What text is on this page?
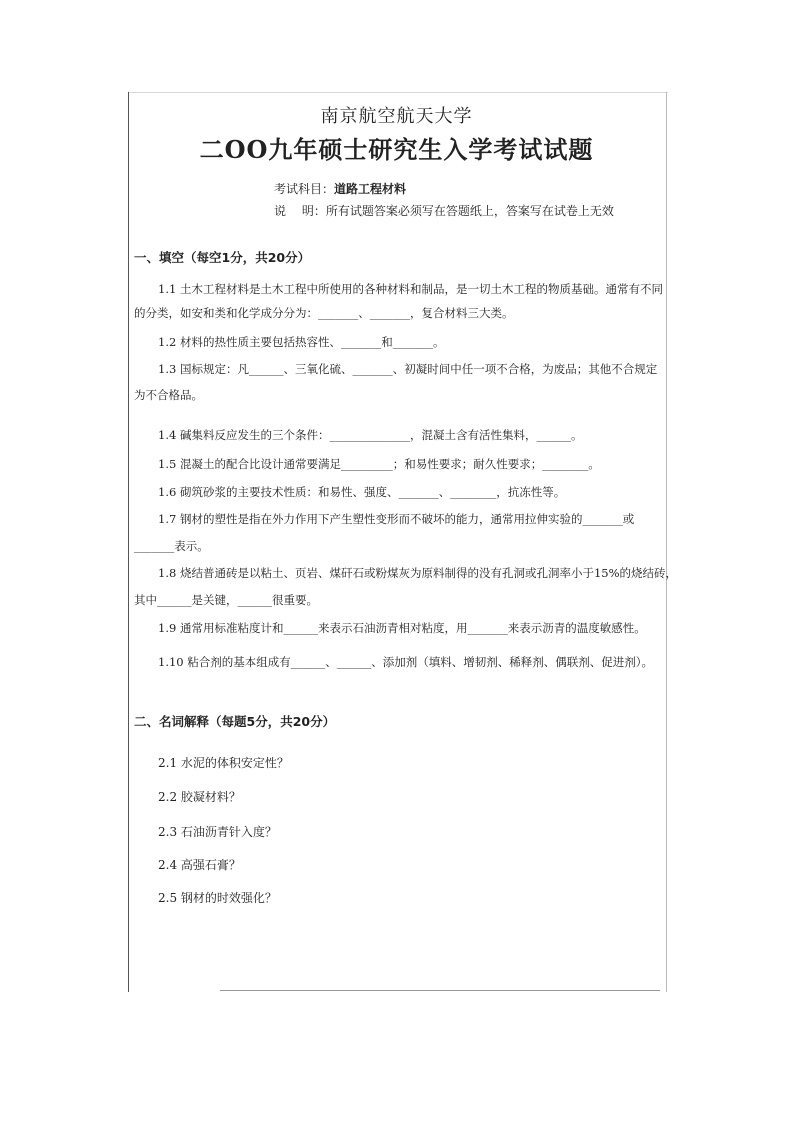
南京航空航天大学
二OO九年硕士研究生入学考试试题
考试科目：道路工程材料
说　 明：所有试题答案必须写在答题纸上，答案写在试卷上无效
一、填空（每空1分，共20分）
1.1 土木工程材料是土木工程中所使用的各种材料和制品，是一切土木工程的物质基础。通常有不同
的分类，如安和类和化学成分分为：_______、_______，复合材料三大类。
1.2 材料的热性质主要包括热容性、_______和_______。
1.3 国标规定：凡______、三氧化硫、_______、初凝时间中任一项不合格，为废品；其他不合规定
为不合格品。
1.4 碱集料反应发生的三个条件：______________，混凝土含有活性集料，______。
1.5 混凝土的配合比设计通常要满足_________；和易性要求；耐久性要求；________。
1.6 砌筑砂浆的主要技术性质：和易性、强度、_______、________，抗冻性等。
1.7 钢材的塑性是指在外力作用下产生塑性变形而不破坏的能力，通常用拉伸实验的_______或
_______表示。
1.8 烧结普通砖是以粘土、页岩、煤矸石或粉煤灰为原料制得的没有孔洞或孔洞率小于15%的烧结砖，
其中______是关键，______很重要。
1.9 通常用标准粘度计和______来表示石油沥青相对粘度，用_______来表示沥青的温度敏感性。
1.10 粘合剂的基本组成有______、______、添加剂（填料、增韧剂、稀释剂、偶联剂、促进剂）。
二、名词解释（每题5分，共20分）
2.1 水泥的体积安定性？
2.2 胶凝材料？
2.3 石油沥青针入度？
2.4 高强石膏？
2.5 钢材的时效强化？
